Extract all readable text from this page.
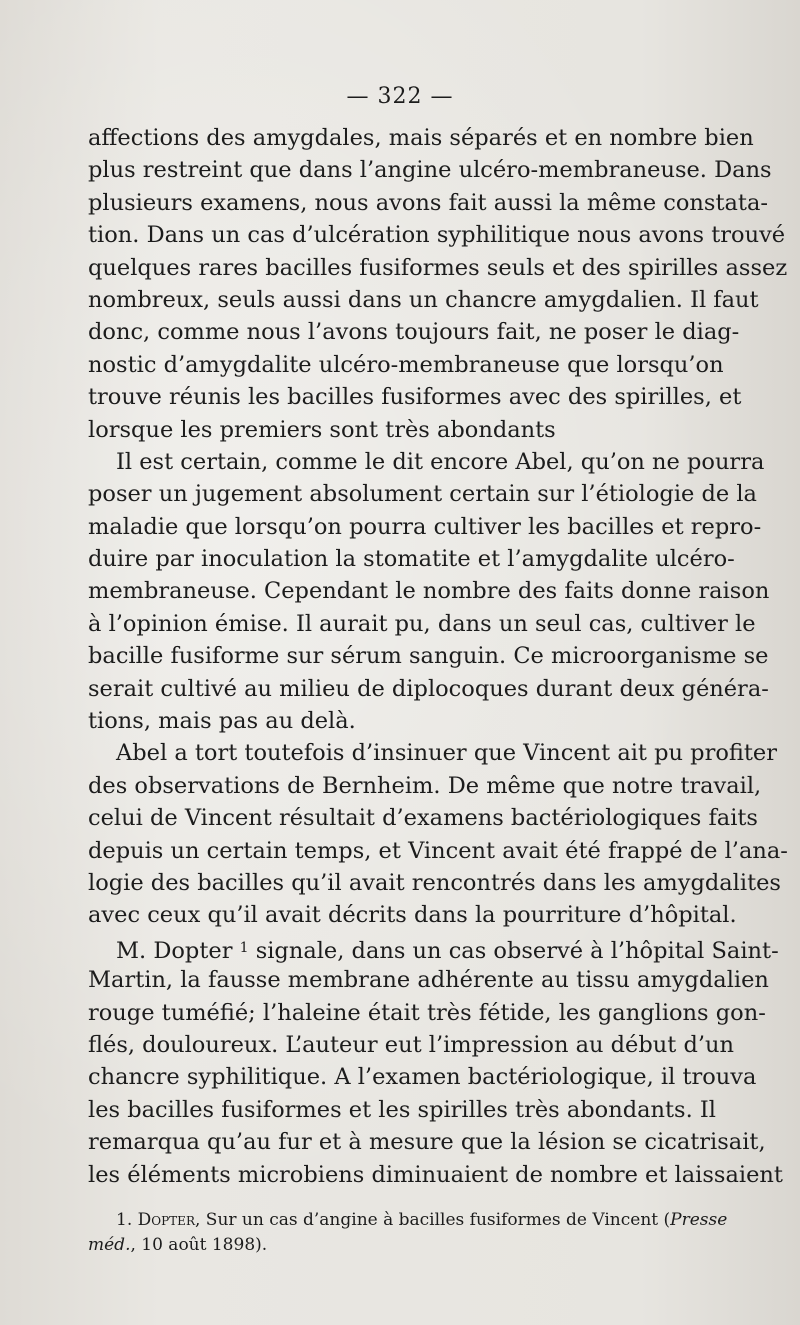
— 322 —
affections des amygdales, mais séparés et en nombre bien
plus restreint que dans l’angine ulcéro-membraneuse. Dans
plusieurs examens, nous avons fait aussi la même constata-
tion. Dans un cas d’ulcération syphilitique nous avons trouvé
quelques rares bacilles fusiformes seuls et des spirilles assez
nombreux, seuls aussi dans un chancre amygdalien. Il faut
donc, comme nous l’avons toujours fait, ne poser le diag-
nostic d’amygdalite ulcéro-membraneuse que lorsqu’on
trouve réunis les bacilles fusiformes avec des spirilles, et
lorsque les premiers sont très abondants
Il est certain, comme le dit encore Abel, qu’on ne pourra
poser un jugement absolument certain sur l’étiologie de la
maladie que lorsqu’on pourra cultiver les bacilles et repro-
duire par inoculation la stomatite et l’amygdalite ulcéro-
membraneuse. Cependant le nombre des faits donne raison
à l’opinion émise. Il aurait pu, dans un seul cas, cultiver le
bacille fusiforme sur sérum sanguin. Ce microorganisme se
serait cultivé au milieu de diplocoques durant deux généra-
tions, mais pas au delà.
Abel a tort toutefois d’insinuer que Vincent ait pu profiter
des observations de Bernheim. De même que notre travail,
celui de Vincent résultait d’examens bactériologiques faits
depuis un certain temps, et Vincent avait été frappé de l’ana-
logie des bacilles qu’il avait rencontrés dans les amygdalites
avec ceux qu’il avait décrits dans la pourriture d’hôpital.
M. Dopter $^1$ signale, dans un cas observé à l’hôpital Saint-
Martin, la fausse membrane adhérente au tissu amygdalien
rouge tuméfié; l’haleine était très fétide, les ganglions gon-
flés, douloureux. L’auteur eut l’impression au début d’un
chancre syphilitique. A l’examen bactériologique, il trouva
les bacilles fusiformes et les spirilles très abondants. Il
remarqua qu’au fur et à mesure que la lésion se cicatrisait,
les éléments microbiens diminuaient de nombre et laissaient
1. Dopter, Sur un cas d’angine à bacilles fusiformes de Vincent (Presse
méd., 10 août 1898).
